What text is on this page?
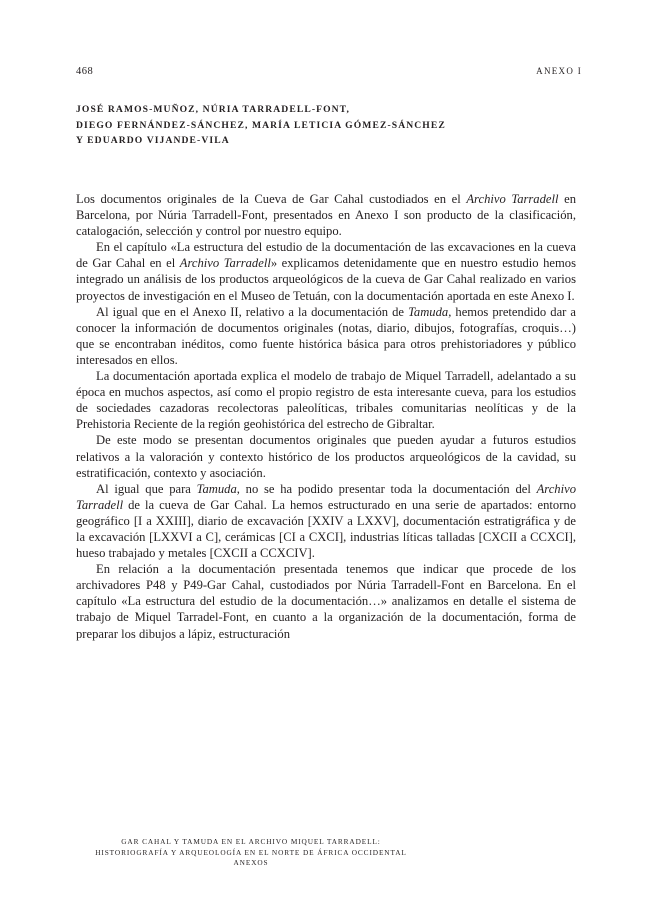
468	ANEXO I
JOSÉ RAMOS-MUÑOZ, NÚRIA TARRADELL-FONT,
DIEGO FERNÁNDEZ-SÁNCHEZ, MARÍA LETICIA GÓMEZ-SÁNCHEZ
Y EDUARDO VIJANDE-VILA

Los documentos originales de la Cueva de Gar Cahal custodiados en el Archivo Tarradell en Barcelona, por Núria Tarradell-Font, presentados en Anexo I son producto de la clasificación, catalogación, selección y control por nuestro equipo.

En el capítulo «La estructura del estudio de la documentación de las excavaciones en la cueva de Gar Cahal en el Archivo Tarradell» explicamos detenidamente que en nuestro estudio hemos integrado un análisis de los productos arqueológicos de la cueva de Gar Cahal realizado en varios proyectos de investigación en el Museo de Tetuán, con la documentación aportada en este Anexo I.

Al igual que en el Anexo II, relativo a la documentación de Tamuda, hemos pretendido dar a conocer la información de documentos originales (notas, diario, dibujos, fotografías, croquis…) que se encontraban inéditos, como fuente histórica básica para otros prehistoriadores y público interesados en ellos.

La documentación aportada explica el modelo de trabajo de Miquel Tarradell, adelantado a su época en muchos aspectos, así como el propio registro de esta interesante cueva, para los estudios de sociedades cazadoras recolectoras paleolíticas, tribales comunitarias neolíticas y de la Prehistoria Reciente de la región geohistórica del estrecho de Gibraltar.

De este modo se presentan documentos originales que pueden ayudar a futuros estudios relativos a la valoración y contexto histórico de los productos arqueológicos de la cavidad, su estratificación, contexto y asociación.

Al igual que para Tamuda, no se ha podido presentar toda la documentación del Archivo Tarradell de la cueva de Gar Cahal. La hemos estructurado en una serie de apartados: entorno geográfico [I a XXIII], diario de excavación [XXIV a LXXV], documentación estratigráfica y de la excavación [LXXVI a C], cerámicas [CI a CXCI], industrias líticas talladas [CXCII a CCXCI], hueso trabajado y metales [CXCII a CCXCIV].

En relación a la documentación presentada tenemos que indicar que procede de los archivadores P48 y P49-Gar Cahal, custodiados por Núria Tarradell-Font en Barcelona. En el capítulo «La estructura del estudio de la documentación…» analizamos en detalle el sistema de trabajo de Miquel Tarradel-Font, en cuanto a la organización de la documentación, forma de preparar los dibujos a lápiz, estructuración

GAR CAHAL Y TAMUDA EN EL ARCHIVO MIQUEL TARRADELL:
HISTORIOGRAFÍA Y ARQUEOLOGÍA EN EL NORTE DE ÁFRICA OCCIDENTAL
ANEXOS
